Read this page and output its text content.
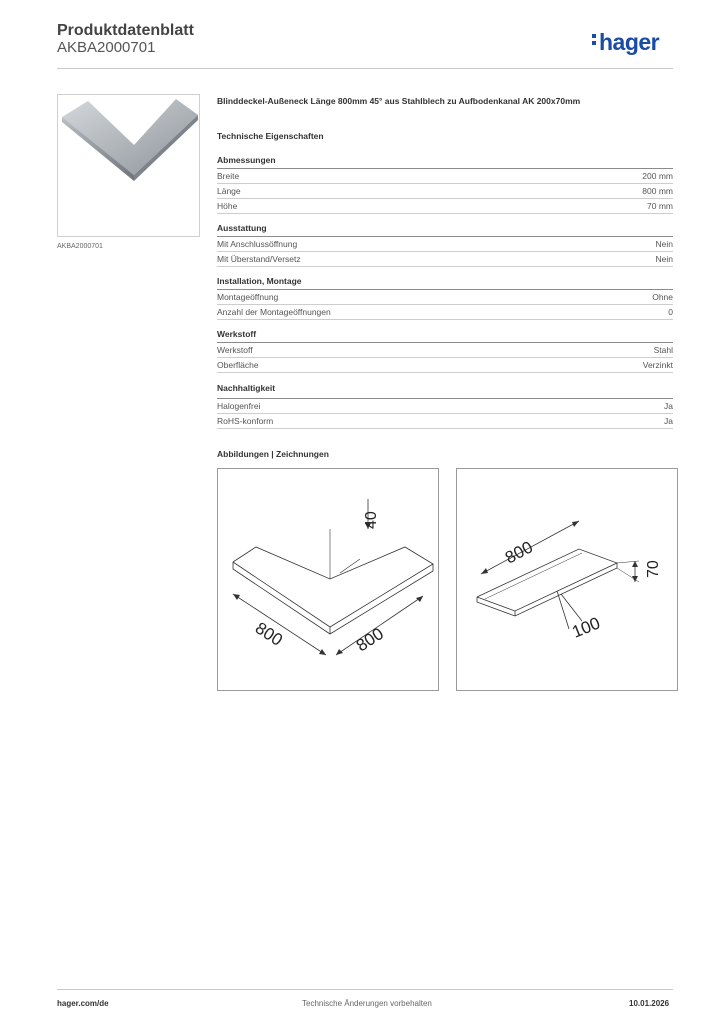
Produktdatenblatt
AKBA2000701	hager
AKBA2000701
Blinddeckel-Außeneck Länge 800mm 45° aus Stahlblech zu Aufbodenkanal AK 200x70mm
Technische Eigenschaften
Abmessungen
Breite	200 mm
Länge	800 mm
Höhe	70 mm
Ausstattung
Mit Anschlussöffnung	Nein
Mit Überstand/Versetz	Nein
Installation, Montage
Montageöffnung	Ohne
Anzahl der Montageöffnungen	0
Werkstoff
Werkstoff	Stahl
Oberfläche	Verzinkt
Nachhaltigkeit
Halogenfrei	Ja
RoHS-konform	Ja
Abbildungen | Zeichnungen
40
800	800
800
70
100
hager.com/de	Technische Änderungen vorbehalten	10.01.2026
